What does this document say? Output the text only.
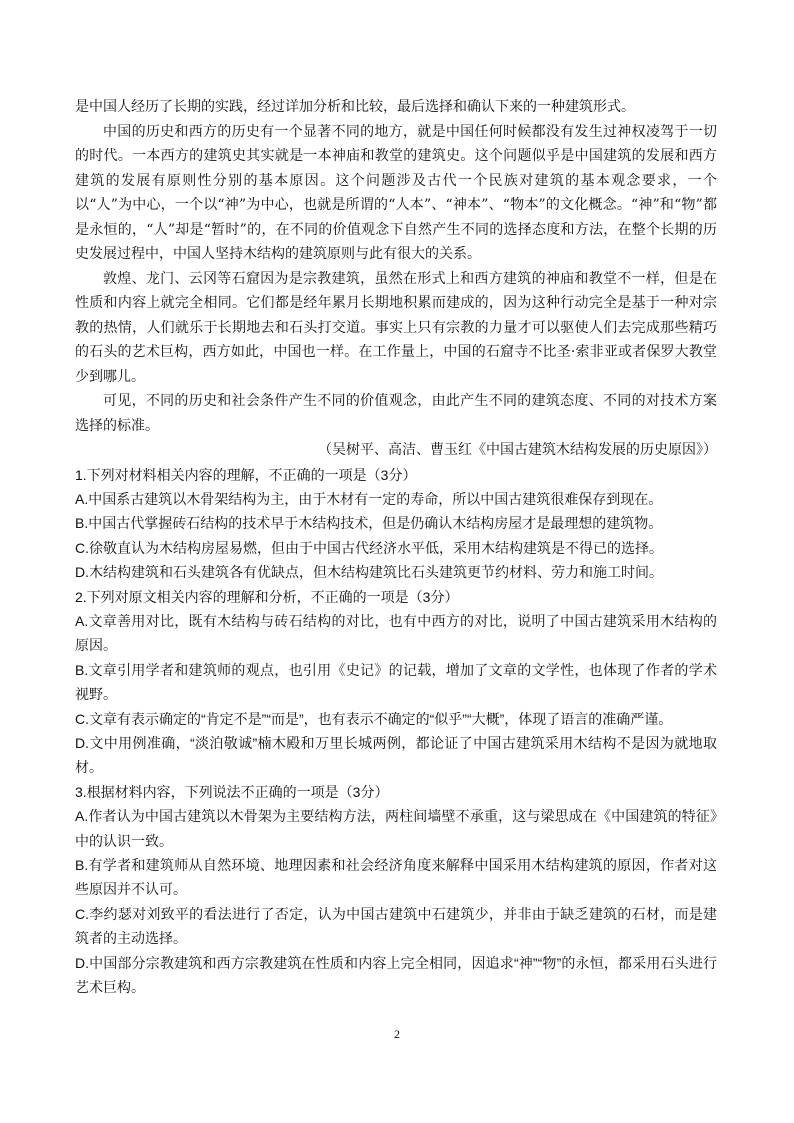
是中国人经历了长期的实践，经过详加分析和比较，最后选择和确认下来的一种建筑形式。

中国的历史和西方的历史有一个显著不同的地方，就是中国任何时候都没有发生过神权凌驾于一切的时代。一本西方的建筑史其实就是一本神庙和教堂的建筑史。这个问题似乎是中国建筑的发展和西方建筑的发展有原则性分别的基本原因。这个问题涉及古代一个民族对建筑的基本观念要求，一个以“人”为中心，一个以“神”为中心，也就是所谓的“人本”、“神本”、“物本”的文化概念。“神”和“物”都是永恒的，“人”却是“暂时”的，在不同的价值观念下自然产生不同的选择态度和方法，在整个长期的历史发展过程中，中国人坚持木结构的建筑原则与此有很大的关系。

敦煌、龙门、云冈等石窟因为是宗教建筑，虽然在形式上和西方建筑的神庙和教堂不一样，但是在性质和内容上就完全相同。它们都是经年累月长期地积累而建成的，因为这种行动完全是基于一种对宗教的热情，人们就乐于长期地去和石头打交道。事实上只有宗教的力量才可以驱使人们去完成那些精巧的石头的艺术巨构，西方如此，中国也一样。在工作量上，中国的石窟寺不比圣·索非亚或者保罗大教堂少到哪儿。

可见，不同的历史和社会条件产生不同的价值观念，由此产生不同的建筑态度、不同的对技术方案选择的标准。

（吴树平、高洁、曹玉红《中国古建筑木结构发展的历史原因》）

1.下列对材料相关内容的理解，不正确的一项是（3分）

A.中国系古建筑以木骨架结构为主，由于木材有一定的寿命，所以中国古建筑很难保存到现在。

B.中国古代掌握砖石结构的技术早于木结构技术，但是仍确认木结构房屋才是最理想的建筑物。

C.徐敬直认为木结构房屋易燃，但由于中国古代经济水平低，采用木结构建筑是不得已的选择。

D.木结构建筑和石头建筑各有优缺点，但木结构建筑比石头建筑更节约材料、劳力和施工时间。

2.下列对原文相关内容的理解和分析，不正确的一项是（3分）

A.文章善用对比，既有木结构与砖石结构的对比，也有中西方的对比，说明了中国古建筑采用木结构的原因。

B.文章引用学者和建筑师的观点，也引用《史记》的记载，增加了文章的文学性，也体现了作者的学术视野。

C.文章有表示确定的“肯定不是”“而是”，也有表示不确定的“似乎”“大概”，体现了语言的准确严谨。

D.文中用例准确，“淡泊敬诚”楠木殿和万里长城两例，都论证了中国古建筑采用木结构不是因为就地取材。

3.根据材料内容，下列说法不正确的一项是（3分）

A.作者认为中国古建筑以木骨架为主要结构方法，两柱间墙壁不承重，这与梁思成在《中国建筑的特征》中的认识一致。

B.有学者和建筑师从自然环境、地理因素和社会经济角度来解释中国采用木结构建筑的原因，作者对这些原因并不认可。

C.李约瑟对刘致平的看法进行了否定，认为中国古建筑中石建筑少，并非由于缺乏建筑的石材，而是建筑者的主动选择。

D.中国部分宗教建筑和西方宗教建筑在性质和内容上完全相同，因追求“神”“物”的永恒，都采用石头进行艺术巨构。

2
